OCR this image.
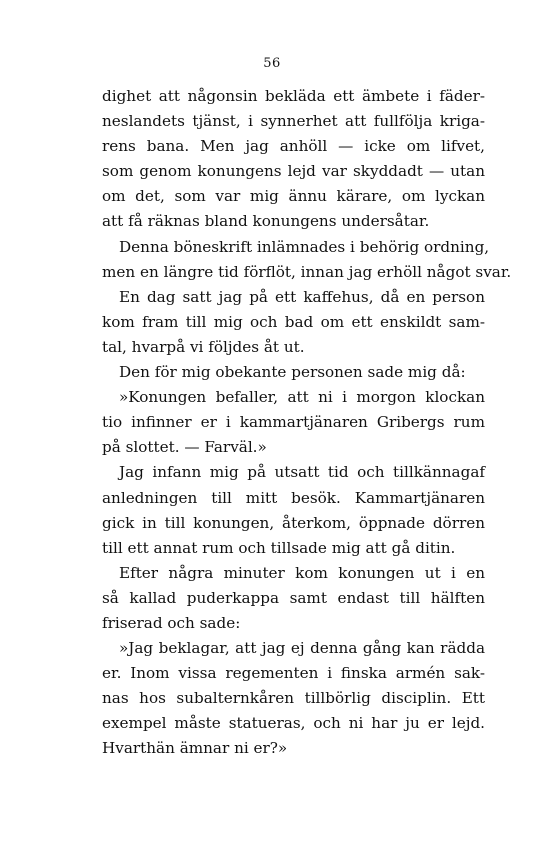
56
dighet att någonsin bekläda ett ämbete i fäder-
neslandets tjänst, i synnerhet att fullfölja kriga-
rens bana. Men jag anhöll — icke om lifvet,
som genom konungens lejd var skyddadt — utan
om det, som var mig ännu kärare, om lyckan
att få räknas bland konungens undersåtar.
Denna böneskrift inlämnades i behörig ordning,
men en längre tid förflöt, innan jag erhöll något svar.
En dag satt jag på ett kaffehus, då en person
kom fram till mig och bad om ett enskildt sam-
tal, hvarpå vi följdes åt ut.
Den för mig obekante personen sade mig då:
»Konungen befaller, att ni i morgon klockan
tio infinner er i kammartjänaren Gribergs rum
på slottet. — Farväl.»
Jag infann mig på utsatt tid och tillkännagaf
anledningen till mitt besök. Kammartjänaren
gick in till konungen, återkom, öppnade dörren
till ett annat rum och tillsade mig att gå ditin.
Efter några minuter kom konungen ut i en
så kallad puderkappa samt endast till hälften
friserad och sade:
»Jag beklagar, att jag ej denna gång kan rädda
er. Inom vissa regementen i finska armén sak-
nas hos subalternkåren tillbörlig disciplin. Ett
exempel måste statueras, och ni har ju er lejd.
Hvarthän ämnar ni er?»
